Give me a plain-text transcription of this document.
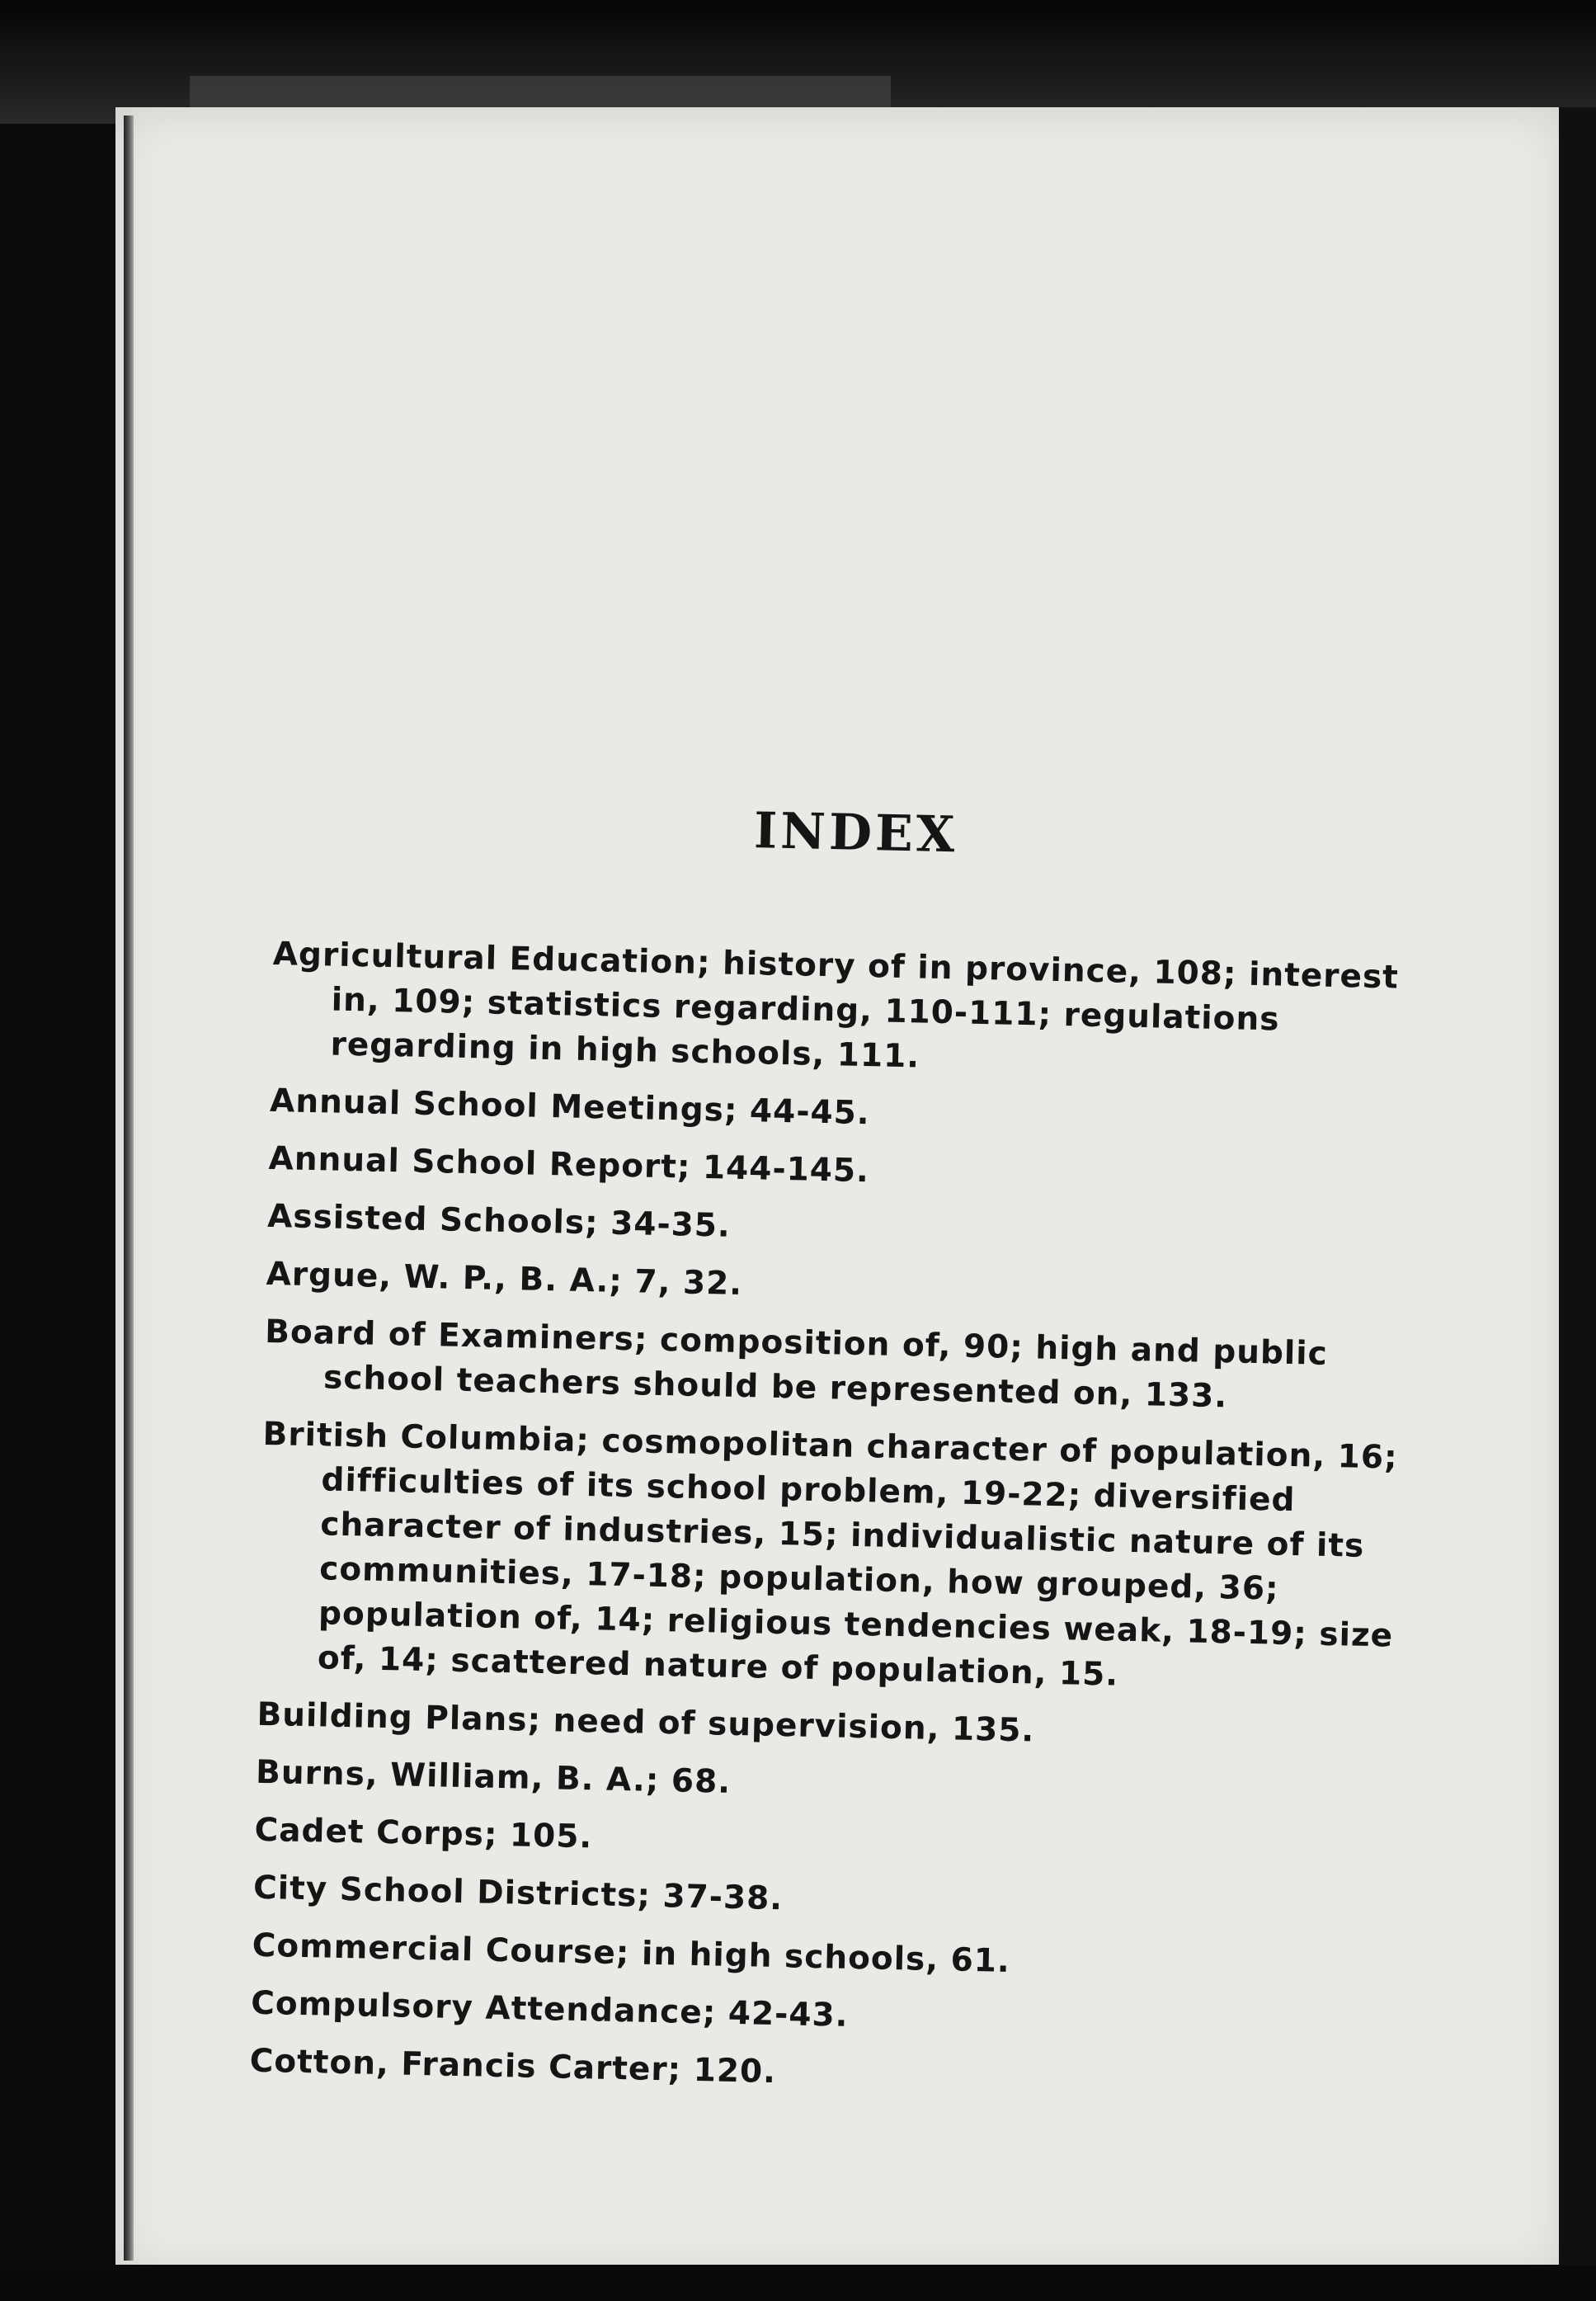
INDEX

Agricultural Education; history of in province, 108; interest in, 109; statistics regarding, 110-111; regulations regarding in high schools, 111.

Annual School Meetings; 44-45.

Annual School Report; 144-145.

Assisted Schools; 34-35.

Argue, W. P., B. A.; 7, 32.

Board of Examiners; composition of, 90; high and public school teachers should be represented on, 133.

British Columbia; cosmopolitan character of population, 16; difficulties of its school problem, 19-22; diversified character of industries, 15; individualistic nature of its communities, 17-18; population, how grouped, 36; population of, 14; religious tendencies weak, 18-19; size of, 14; scattered nature of population, 15.

Building Plans; need of supervision, 135.

Burns, William, B. A.; 68.

Cadet Corps; 105.

City School Districts; 37-38.

Commercial Course; in high schools, 61.

Compulsory Attendance; 42-43.

Cotton, Francis Carter; 120.
